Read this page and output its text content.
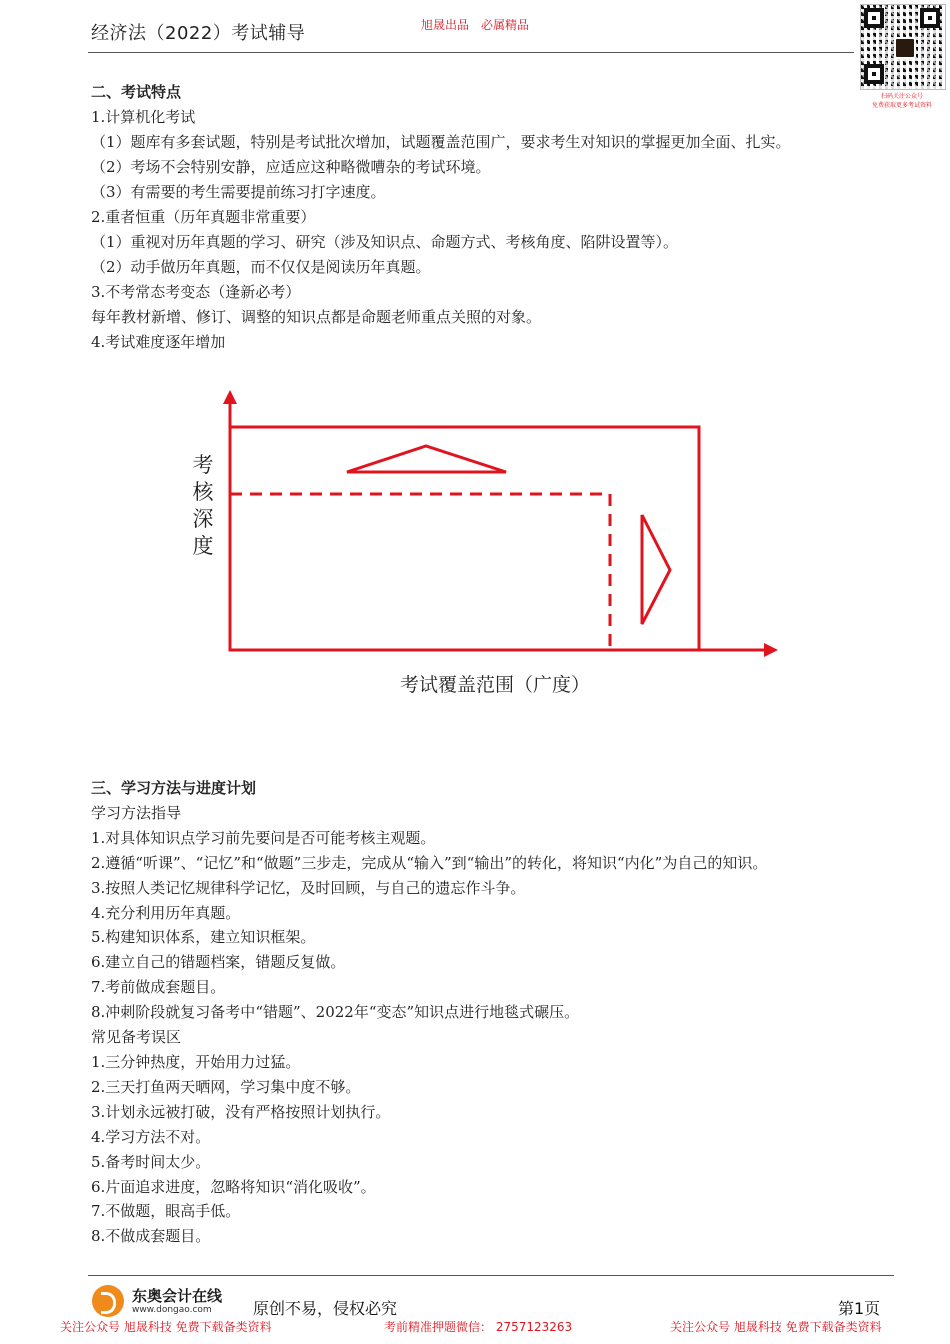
经济法（2022）考试辅导	旭晟出品　必属精品
扫码关注公众号
免费获取更多考试资料

二、考试特点

1.计算机化考试

（1）题库有多套试题，特别是考试批次增加，试题覆盖范围广，要求考生对知识的掌握更加全面、扎实。

（2）考场不会特别安静，应适应这种略微嘈杂的考试环境。

（3）有需要的考生需要提前练习打字速度。

2.重者恒重（历年真题非常重要）

（1）重视对历年真题的学习、研究（涉及知识点、命题方式、考核角度、陷阱设置等）。

（2）动手做历年真题，而不仅仅是阅读历年真题。

3.不考常态考变态（逢新必考）

每年教材新增、修订、调整的知识点都是命题老师重点关照的对象。

4.考试难度逐年增加

考
核
深
度
考试覆盖范围（广度）

三、学习方法与进度计划

学习方法指导

1.对具体知识点学习前先要问是否可能考核主观题。

2.遵循“听课”、“记忆”和“做题”三步走，完成从“输入”到“输出”的转化，将知识“内化”为自己的知识。

3.按照人类记忆规律科学记忆，及时回顾，与自己的遗忘作斗争。

4.充分利用历年真题。

5.构建知识体系，建立知识框架。

6.建立自己的错题档案，错题反复做。

7.考前做成套题目。

8.冲刺阶段就复习备考中“错题”、2022年“变态”知识点进行地毯式碾压。

常见备考误区

1.三分钟热度，开始用力过猛。

2.三天打鱼两天晒网，学习集中度不够。

3.计划永远被打破，没有严格按照计划执行。

4.学习方法不对。

5.备考时间太少。

6.片面追求进度，忽略将知识“消化吸收”。

7.不做题，眼高手低。

8.不做成套题目。

东奥会计在线
www.dongao.com	原创不易，侵权必究	第1页
关注公众号 旭晟科技 免费下载备类资料	考前精准押题微信： 2757123263	关注公众号 旭晟科技 免费下载备类资料
